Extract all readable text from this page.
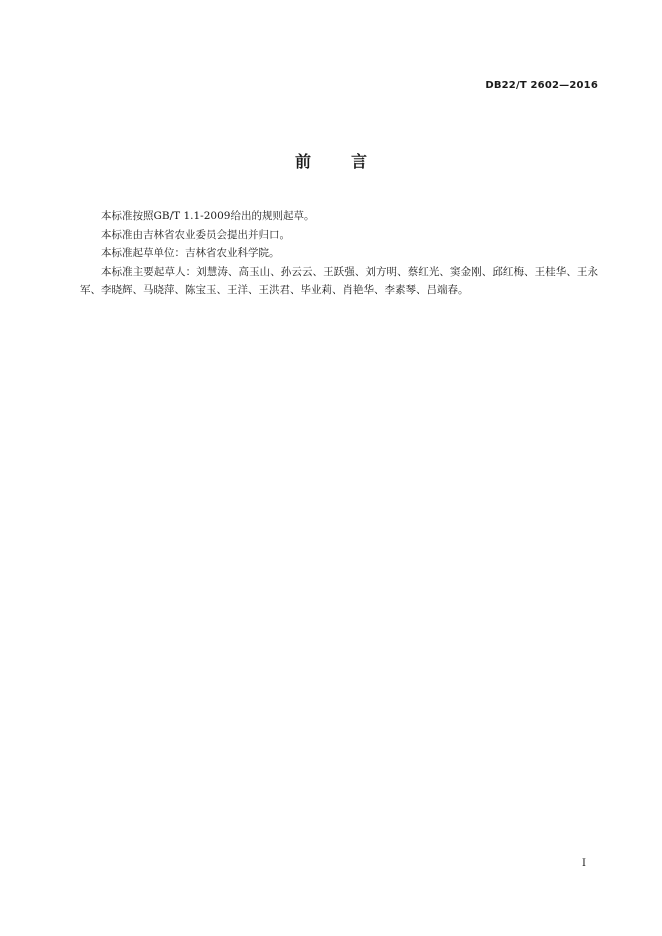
DB22/T 2602—2016
前言

本标准按照GB/T 1.1-2009给出的规则起草。

本标准由吉林省农业委员会提出并归口。

本标准起草单位：吉林省农业科学院。

本标准主要起草人：刘慧涛、高玉山、孙云云、王跃强、刘方明、蔡红光、窦金刚、邱红梅、王桂华、王永军、李晓辉、马晓萍、陈宝玉、王洋、王洪君、毕业莉、肖艳华、李素琴、吕端春。

I
